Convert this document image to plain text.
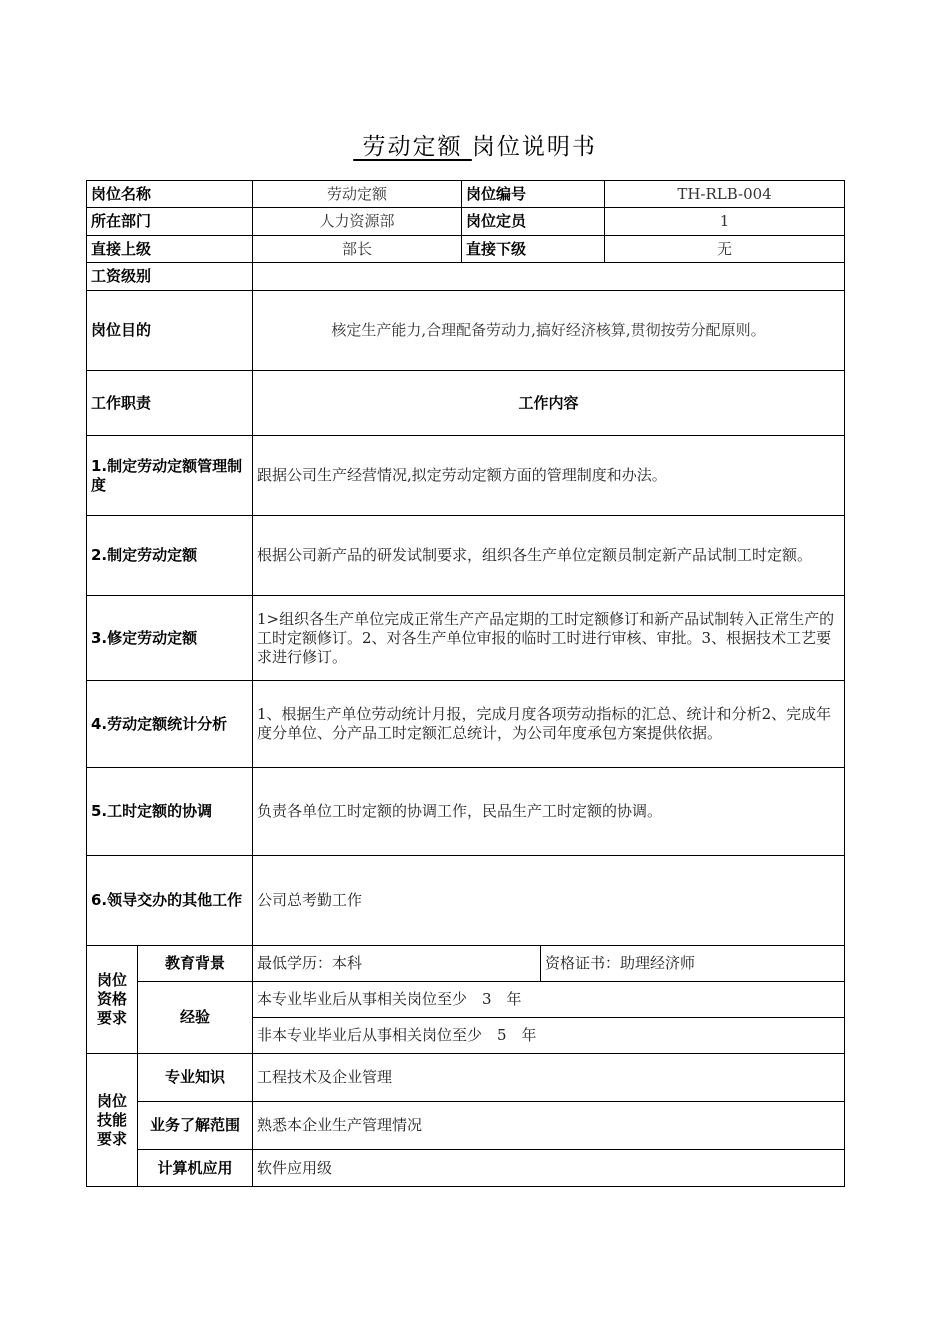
劳动定额 岗位说明书
岗位名称		劳动定额	岗位编号		TH-RLB-004
所在部门		人力资源部	岗位定员		1
直接上级		部长	直接下级		无
工资级别					
岗位目的		核定生产能力,合理配备劳动力,搞好经济核算,贯彻按劳分配原则。			
工作职责		工作内容			
1.制定劳动定额管理制度		跟据公司生产经营情况,拟定劳动定额方面的管理制度和办法。			
2.制定劳动定额		根据公司新产品的研发试制要求，组织各生产单位定额员制定新产品试制工时定额。			
3.修定劳动定额		1>组织各生产单位完成正常生产产品定期的工时定额修订和新产品试制转入正常生产的工时定额修订。2、对各生产单位审报的临时工时进行审核、审批。3、根据技术工艺要求进行修订。			
4.劳动定额统计分析		1、根据生产单位劳动统计月报，完成月度各项劳动指标的汇总、统计和分析2、完成年度分单位、分产品工时定额汇总统计，为公司年度承包方案提供依据。			
5.工时定额的协调		负责各单位工时定额的协调工作，民品生产工时定额的协调。			
6.领导交办的其他工作		公司总考勤工作			
岗位资格要求	教育背景	最低学历：本科		资格证书：助理经济师	
	经验	本专业毕业后从事相关岗位至少　3　年			
		非本专业毕业后从事相关岗位至少　5　年			
岗位技能要求	专业知识	工程技术及企业管理			
	业务了解范围	熟悉本企业生产管理情况			
	计算机应用	软件应用级			
